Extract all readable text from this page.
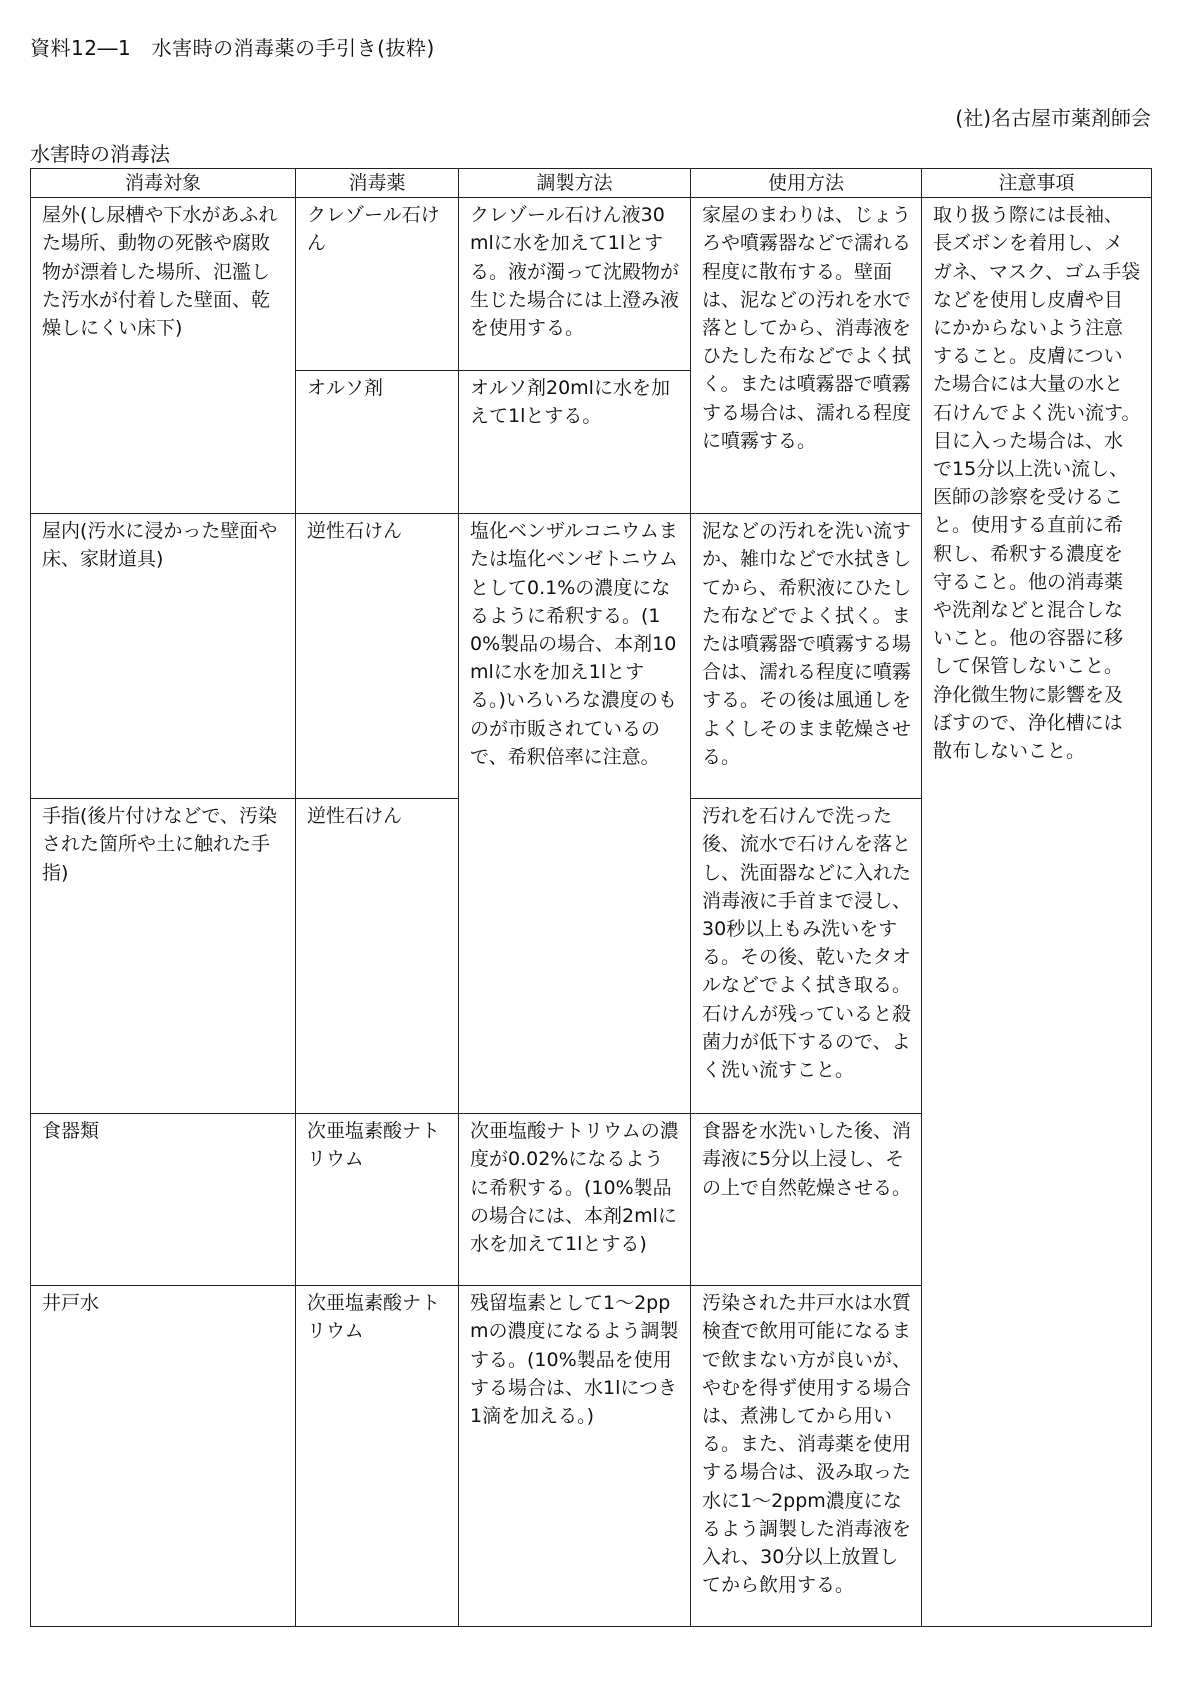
資料12―1　水害時の消毒薬の手引き(抜粋)
(社)名古屋市薬剤師会
水害時の消毒法
消毒対象	消毒薬	調製方法	使用方法	注意事項
屋外(し尿槽や下水があふれた場所、動物の死骸や腐敗物が漂着した場所、氾濫した汚水が付着した壁面、乾燥しにくい床下)	クレゾール石けん	クレゾール石けん液30mlに水を加えて1lとする。液が濁って沈殿物が生じた場合には上澄み液を使用する。	家屋のまわりは、じょうろや噴霧器などで濡れる程度に散布する。壁面は、泥などの汚れを水で落としてから、消毒液をひたした布などでよく拭く。または噴霧器で噴霧する場合は、濡れる程度に噴霧する。	取り扱う際には長袖、長ズボンを着用し、メガネ、マスク、ゴム手袋などを使用し皮膚や目にかからないよう注意すること。皮膚についた場合には大量の水と石けんでよく洗い流す。目に入った場合は、水で15分以上洗い流し、医師の診察を受けること。使用する直前に希釈し、希釈する濃度を守ること。他の消毒薬や洗剤などと混合しないこと。他の容器に移して保管しないこと。浄化微生物に影響を及ぼすので、浄化槽には散布しないこと。
	オルソ剤	オルソ剤20mlに水を加えて1lとする。		
屋内(汚水に浸かった壁面や床、家財道具)	逆性石けん	塩化ベンザルコニウムまたは塩化ベンゼトニウムとして0.1%の濃度になるように希釈する。(10%製品の場合、本剤10mlに水を加え1lとする。)いろいろな濃度のものが市販されているので、希釈倍率に注意。	泥などの汚れを洗い流すか、雑巾などで水拭きしてから、希釈液にひたした布などでよく拭く。または噴霧器で噴霧する場合は、濡れる程度に噴霧する。その後は風通しをよくしそのまま乾燥させる。	
手指(後片付けなどで、汚染された箇所や土に触れた手指)	逆性石けん		汚れを石けんで洗った後、流水で石けんを落とし、洗面器などに入れた消毒液に手首まで浸し、30秒以上もみ洗いをする。その後、乾いたタオルなどでよく拭き取る。石けんが残っていると殺菌力が低下するので、よく洗い流すこと。	
食器類	次亜塩素酸ナトリウム	次亜塩酸ナトリウムの濃度が0.02%になるように希釈する。(10%製品の場合には、本剤2mlに水を加えて1lとする)	食器を水洗いした後、消毒液に5分以上浸し、その上で自然乾燥させる。	
井戸水	次亜塩素酸ナトリウム	残留塩素として1～2ppmの濃度になるよう調製する。(10%製品を使用する場合は、水1lにつき1滴を加える。)	汚染された井戸水は水質検査で飲用可能になるまで飲まない方が良いが、やむを得ず使用する場合は、煮沸してから用いる。また、消毒薬を使用する場合は、汲み取った水に1～2ppm濃度になるよう調製した消毒液を入れ、30分以上放置してから飲用する。	
